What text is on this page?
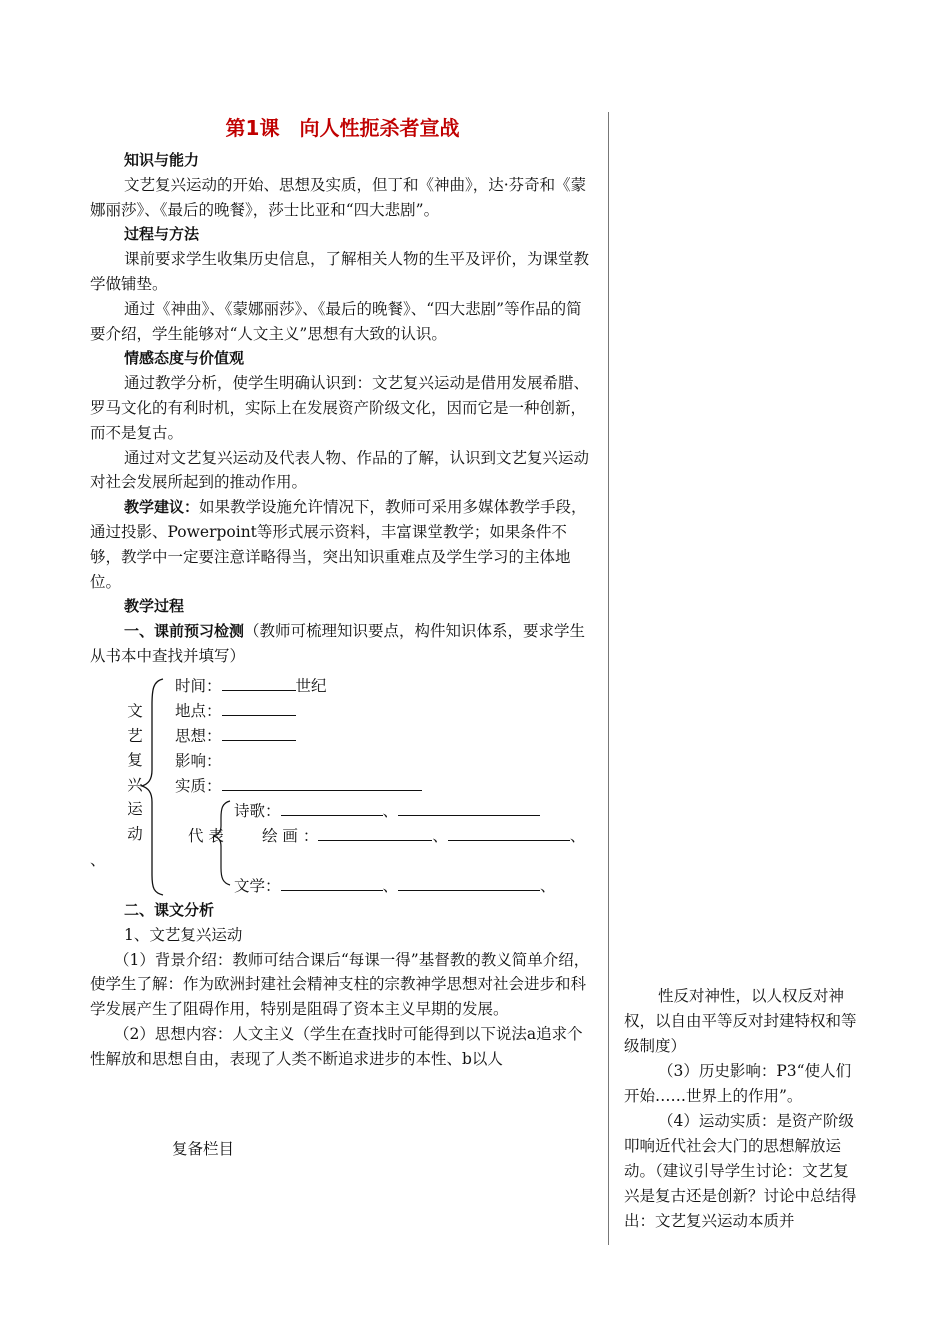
第1课　向人性扼杀者宣战

知识与能力

文艺复兴运动的开始、思想及实质，但丁和《神曲》，达·芬奇和《蒙娜丽莎》、《最后的晚餐》，莎士比亚和“四大悲剧”。

过程与方法

课前要求学生收集历史信息，了解相关人物的生平及评价，为课堂教学做铺垫。

通过《神曲》、《蒙娜丽莎》、《最后的晚餐》、“四大悲剧”等作品的简要介绍，学生能够对“人文主义”思想有大致的认识。

情感态度与价值观

通过教学分析，使学生明确认识到：文艺复兴运动是借用发展希腊、罗马文化的有利时机，实际上在发展资产阶级文化，因而它是一种创新，而不是复古。

通过对文艺复兴运动及代表人物、作品的了解，认识到文艺复兴运动对社会发展所起到的推动作用。

教学建议：如果教学设施允许情况下，教师可采用多媒体教学手段，通过投影、Powerpoint等形式展示资料，丰富课堂教学；如果条件不够，教学中一定要注意详略得当，突出知识重难点及学生学习的主体地位。

教学过程

一、课前预习检测（教师可梳理知识要点，构件知识体系，要求学生从书本中查找并填写）

文
艺
复
兴
运
动
时间：	世纪
地点：
思想：
影响：
实质：
诗歌：	、
代 表 绘 画 ：	、	、
、
文学：	、	、

二、课文分析

1、文艺复兴运动

（1）背景介绍：教师可结合课后“每课一得”基督教的教义简单介绍，使学生了解：作为欧洲封建社会精神支柱的宗教神学思想对社会进步和科学发展产生了阻碍作用，特别是阻碍了资本主义早期的发展。

（2）思想内容：人文主义（学生在查找时可能得到以下说法a追求个性解放和思想自由，表现了人类不断追求进步的本性、b以人

复备栏目

性反对神性，以人权反对神权，以自由平等反对封建特权和等级制度）

（3）历史影响：P3“使人们开始……世界上的作用”。

（4）运动实质：是资产阶级叩响近代社会大门的思想解放运动。（建议引导学生讨论：文艺复兴是复古还是创新？讨论中总结得出：文艺复兴运动本质并
